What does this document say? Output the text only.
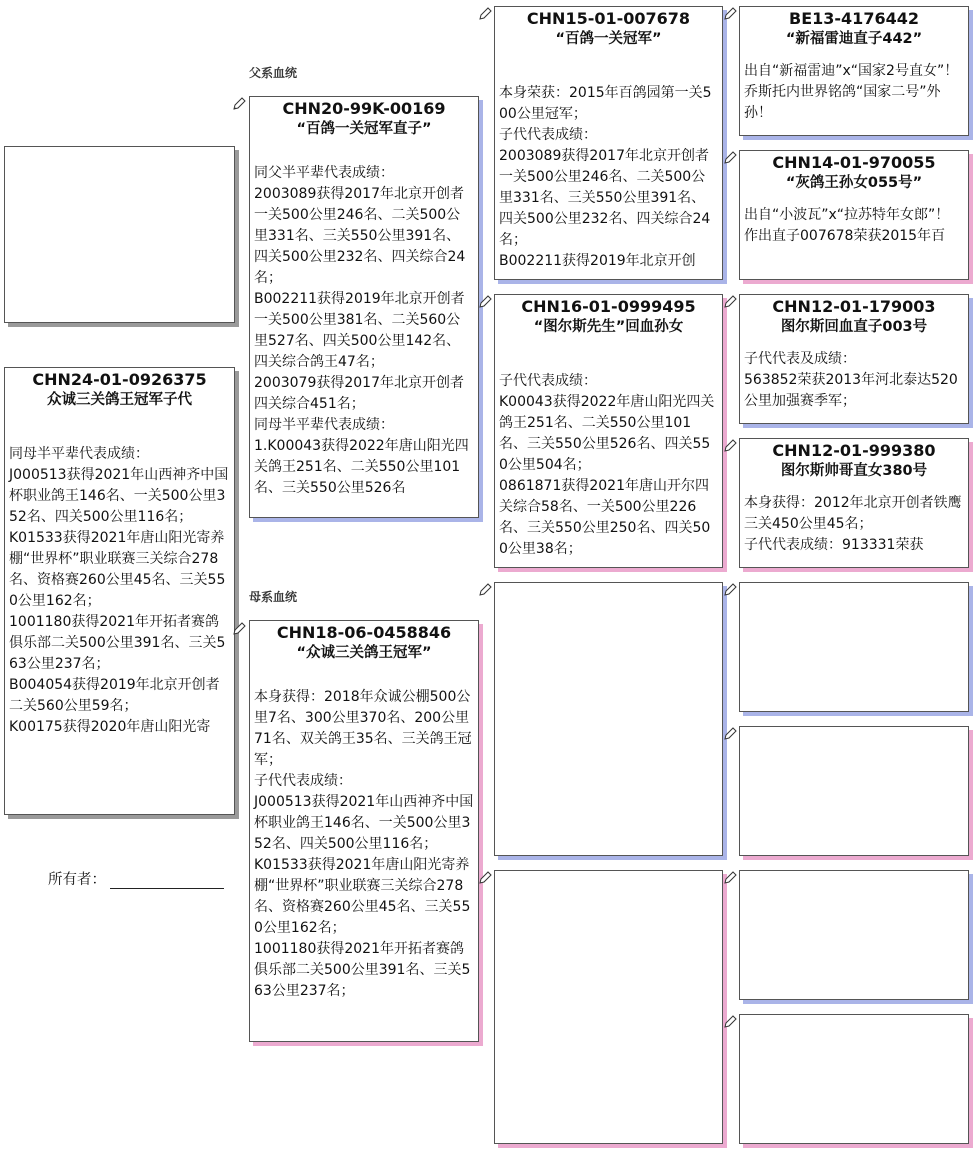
父系血统
母系血统
CHN24-01-0926375
众诚三关鸽王冠军子代
同母半平辈代表成绩：
J000513获得2021年山西神齐中国杯职业鸽王146名、一关500公里352名、四关500公里116名；
K01533获得2021年唐山阳光寄养棚“世界杯”职业联赛三关综合278名、资格赛260公里45名、三关550公里162名；
1001180获得2021年开拓者赛鸽俱乐部二关500公里391名、三关563公里237名；
B004054获得2019年北京开创者二关560公里59名；
K00175获得2020年唐山阳光寄
所有者：
CHN20-99K-00169
“百鸽一关冠军直子”
同父半平辈代表成绩：
2003089获得2017年北京开创者一关500公里246名、二关500公里331名、三关550公里391名、四关500公里232名、四关综合24名；
B002211获得2019年北京开创者一关500公里381名、二关560公里527名、四关500公里142名、四关综合鸽王47名；
2003079获得2017年北京开创者四关综合451名；
同母半平辈代表成绩：
1.K00043获得2022年唐山阳光四关鸽王251名、二关550公里101名、三关550公里526名
CHN18-06-0458846
“众诚三关鸽王冠军”
本身获得：2018年众诚公棚500公里7名、300公里370名、200公里71名、双关鸽王35名、三关鸽王冠军；
子代代表成绩：
J000513获得2021年山西神齐中国杯职业鸽王146名、一关500公里352名、四关500公里116名；
K01533获得2021年唐山阳光寄养棚“世界杯”职业联赛三关综合278名、资格赛260公里45名、三关550公里162名；
1001180获得2021年开拓者赛鸽俱乐部二关500公里391名、三关563公里237名；
CHN15-01-007678
“百鸽一关冠军”
本身荣获：2015年百鸽园第一关500公里冠军；
子代代表成绩：
2003089获得2017年北京开创者一关500公里246名、二关500公里331名、三关550公里391名、四关500公里232名、四关综合24名；
B002211获得2019年北京开创
CHN16-01-0999495
“图尔斯先生”回血孙女
子代代表成绩：
K00043获得2022年唐山阳光四关鸽王251名、二关550公里101名、三关550公里526名、四关550公里504名；
0861871获得2021年唐山开尔四关综合58名、一关500公里226名、三关550公里250名、四关500公里38名；
BE13-4176442
“新福雷迪直子442”
出自“新福雷迪”x“国家2号直女”！乔斯托内世界铭鸽“国家二号”外孙！
CHN14-01-970055
“灰鸽王孙女055号”
出自“小波瓦”x“拉苏特年女郎”！
作出直子007678荣获2015年百
CHN12-01-179003
图尔斯回血直子003号
子代代表及成绩：
563852荣获2013年河北泰达520公里加强赛季军；
CHN12-01-999380
图尔斯帅哥直女380号
本身获得：2012年北京开创者铁鹰三关450公里45名；
子代代表成绩：913331荣获
